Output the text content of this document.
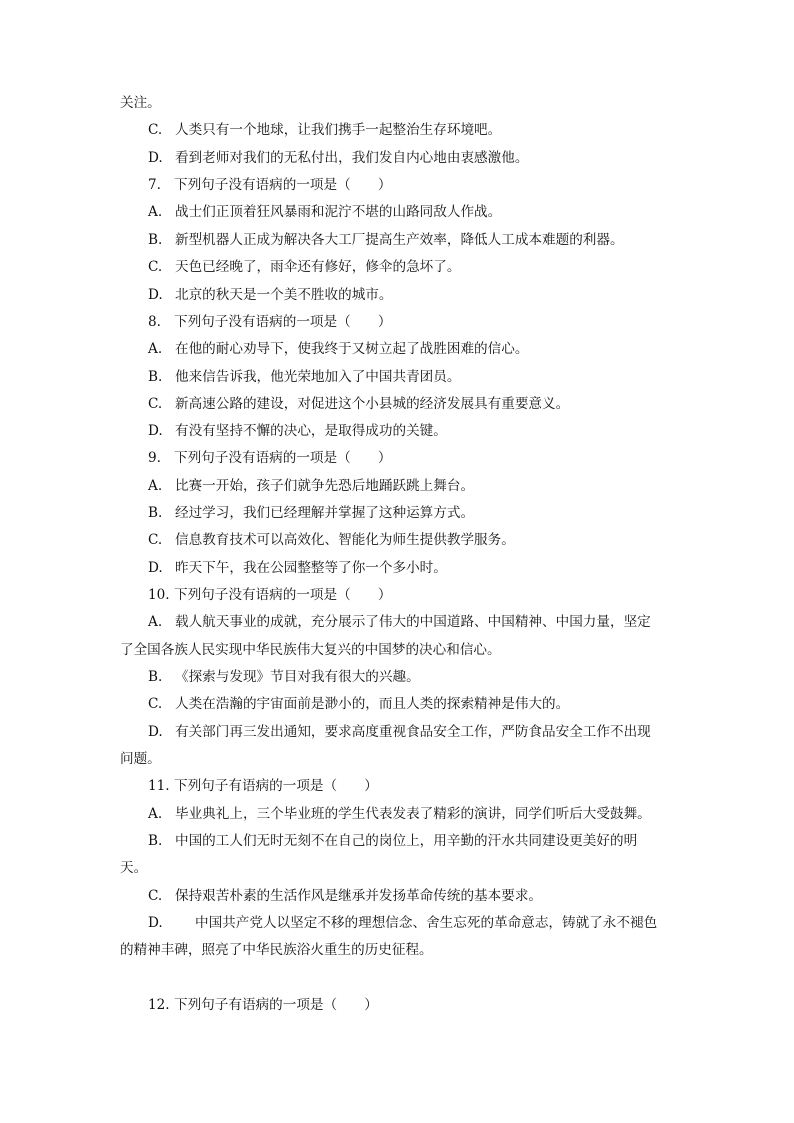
关注。
C. 人类只有一个地球，让我们携手一起整治生存环境吧。
D. 看到老师对我们的无私付出，我们发自内心地由衷感激他。
7. 下列句子没有语病的一项是（　　）
A. 战士们正顶着狂风暴雨和泥泞不堪的山路同敌人作战。
B. 新型机器人正成为解决各大工厂提高生产效率，降低人工成本难题的利器。
C. 天色已经晚了，雨伞还有修好，修伞的急坏了。
D. 北京的秋天是一个美不胜收的城市。
8. 下列句子没有语病的一项是（　　）
A. 在他的耐心劝导下，使我终于又树立起了战胜困难的信心。
B. 他来信告诉我，他光荣地加入了中国共青团员。
C. 新高速公路的建设，对促进这个小县城的经济发展具有重要意义。
D. 有没有坚持不懈的决心，是取得成功的关键。
9. 下列句子没有语病的一项是（　　）
A. 比赛一开始，孩子们就争先恐后地踊跃跳上舞台。
B. 经过学习，我们已经理解并掌握了这种运算方式。
C. 信息教育技术可以高效化、智能化为师生提供教学服务。
D. 昨天下午，我在公园整整等了你一个多小时。
10. 下列句子没有语病的一项是（　　）
A. 载人航天事业的成就，充分展示了伟大的中国道路、中国精神、中国力量，坚定
了全国各族人民实现中华民族伟大复兴的中国梦的决心和信心。
B. 《探索与发现》节目对我有很大的兴趣。
C. 人类在浩瀚的宇宙面前是渺小的，而且人类的探索精神是伟大的。
D. 有关部门再三发出通知，要求高度重视食品安全工作，严防食品安全工作不出现
问题。
11. 下列句子有语病的一项是（　　）
A. 毕业典礼上，三个毕业班的学生代表发表了精彩的演讲，同学们听后大受鼓舞。
B. 中国的工人们无时无刻不在自己的岗位上，用辛勤的汗水共同建设更美好的明
天。
C. 保持艰苦朴素的生活作风是继承并发扬革命传统的基本要求。
D. 中国共产党人以坚定不移的理想信念、舍生忘死的革命意志，铸就了永不褪色
的精神丰碑，照亮了中华民族浴火重生的历史征程。
12. 下列句子有语病的一项是（　　）
